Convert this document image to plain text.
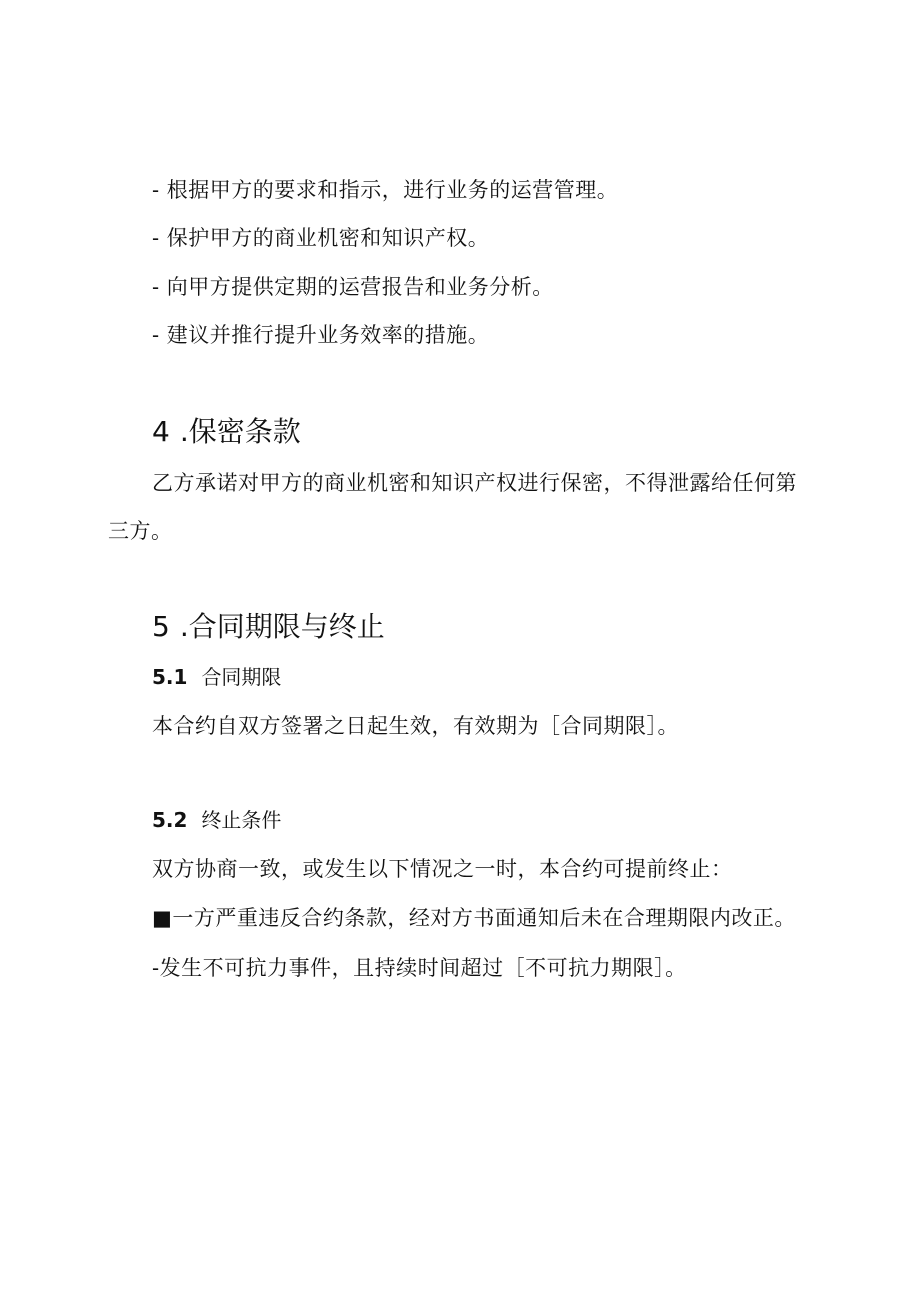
- 根据甲方的要求和指示，进行业务的运营管理。
- 保护甲方的商业机密和知识产权。
- 向甲方提供定期的运营报告和业务分析。
- 建议并推行提升业务效率的措施。
4 .保密条款
乙方承诺对甲方的商业机密和知识产权进行保密，不得泄露给任何第
三方。
5 .合同期限与终止
5.1 合同期限
本合约自双方签署之日起生效，有效期为［合同期限］。
5.2 终止条件
双方协商一致，或发生以下情况之一时，本合约可提前终止：
■一方严重违反合约条款，经对方书面通知后未在合理期限内改正。
-发生不可抗力事件，且持续时间超过［不可抗力期限］。
